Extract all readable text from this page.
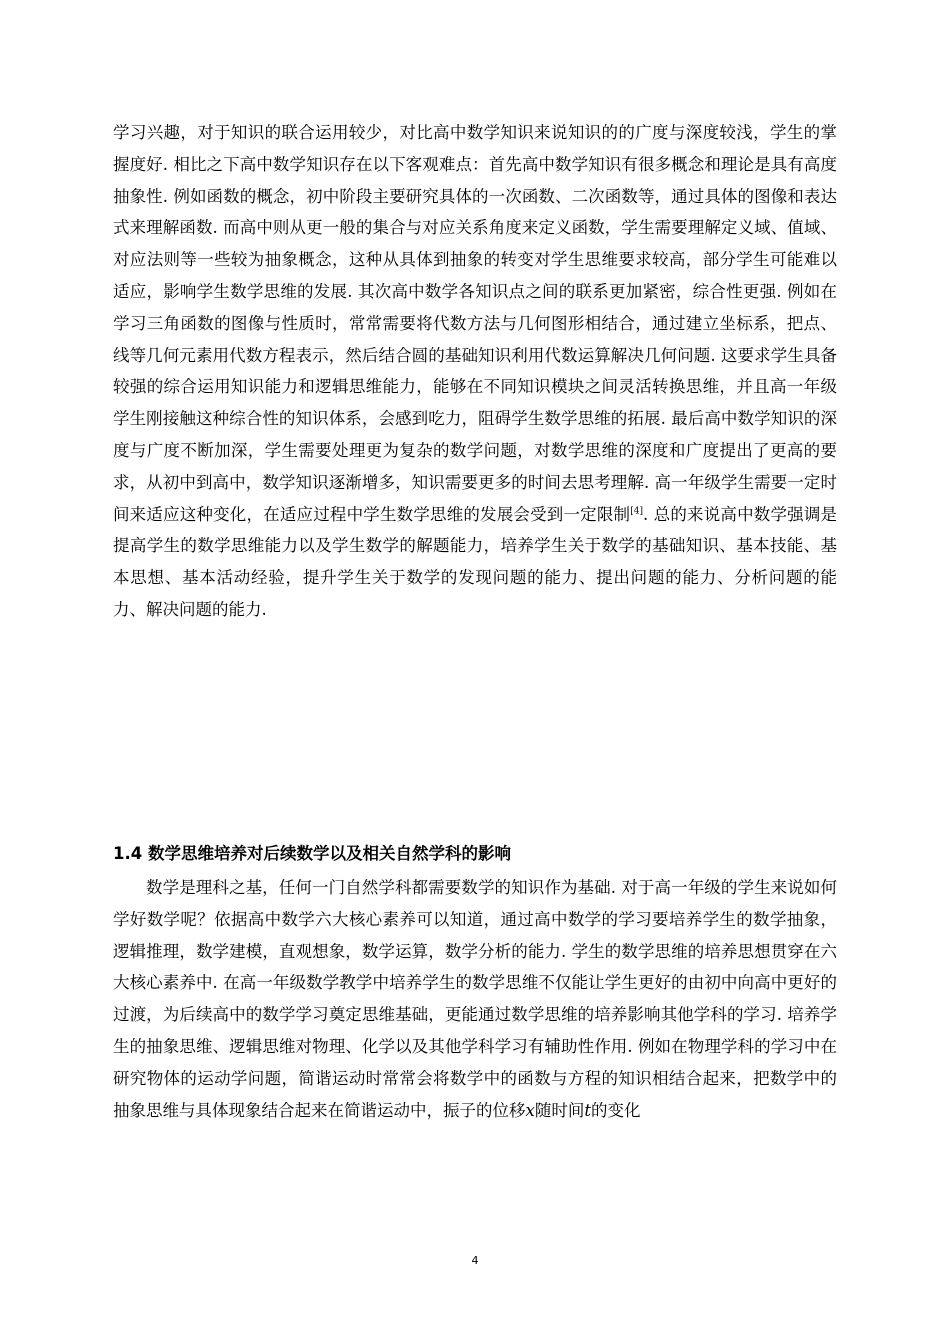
学习兴趣，对于知识的联合运用较少，对比高中数学知识来说知识的的广度与深度较浅，学生的掌握度好. 相比之下高中数学知识存在以下客观难点：首先高中数学知识有很多概念和理论是具有高度抽象性. 例如函数的概念，初中阶段主要研究具体的一次函数、二次函数等，通过具体的图像和表达式来理解函数. 而高中则从更一般的集合与对应关系角度来定义函数，学生需要理解定义域、值域、对应法则等一些较为抽象概念，这种从具体到抽象的转变对学生思维要求较高，部分学生可能难以适应，影响学生数学思维的发展. 其次高中数学各知识点之间的联系更加紧密，综合性更强. 例如在学习三角函数的图像与性质时，常常需要将代数方法与几何图形相结合，通过建立坐标系，把点、线等几何元素用代数方程表示，然后结合圆的基础知识利用代数运算解决几何问题. 这要求学生具备较强的综合运用知识能力和逻辑思维能力，能够在不同知识模块之间灵活转换思维，并且高一年级学生刚接触这种综合性的知识体系，会感到吃力，阻碍学生数学思维的拓展. 最后高中数学知识的深度与广度不断加深，学生需要处理更为复杂的数学问题，对数学思维的深度和广度提出了更高的要求，从初中到高中，数学知识逐渐增多，知识需要更多的时间去思考理解. 高一年级学生需要一定时间来适应这种变化，在适应过程中学生数学思维的发展会受到一定限制[4]. 总的来说高中数学强调是提高学生的数学思维能力以及学生数学的解题能力，培养学生关于数学的基础知识、基本技能、基本思想、基本活动经验，提升学生关于数学的发现问题的能力、提出问题的能力、分析问题的能力、解决问题的能力.
1.4 数学思维培养对后续数学以及相关自然学科的影响
数学是理科之基，任何一门自然学科都需要数学的知识作为基础. 对于高一年级的学生来说如何学好数学呢？依据高中数学六大核心素养可以知道，通过高中数学的学习要培养学生的数学抽象，逻辑推理，数学建模，直观想象，数学运算，数学分析的能力. 学生的数学思维的培养思想贯穿在六大核心素养中. 在高一年级数学教学中培养学生的数学思维不仅能让学生更好的由初中向高中更好的过渡，为后续高中的数学学习奠定思维基础，更能通过数学思维的培养影响其他学科的学习. 培养学生的抽象思维、逻辑思维对物理、化学以及其他学科学习有辅助性作用. 例如在物理学科的学习中在研究物体的运动学问题，简谐运动时常常会将数学中的函数与方程的知识相结合起来，把数学中的抽象思维与具体现象结合起来在简谐运动中，振子的位移x随时间t的变化
4
